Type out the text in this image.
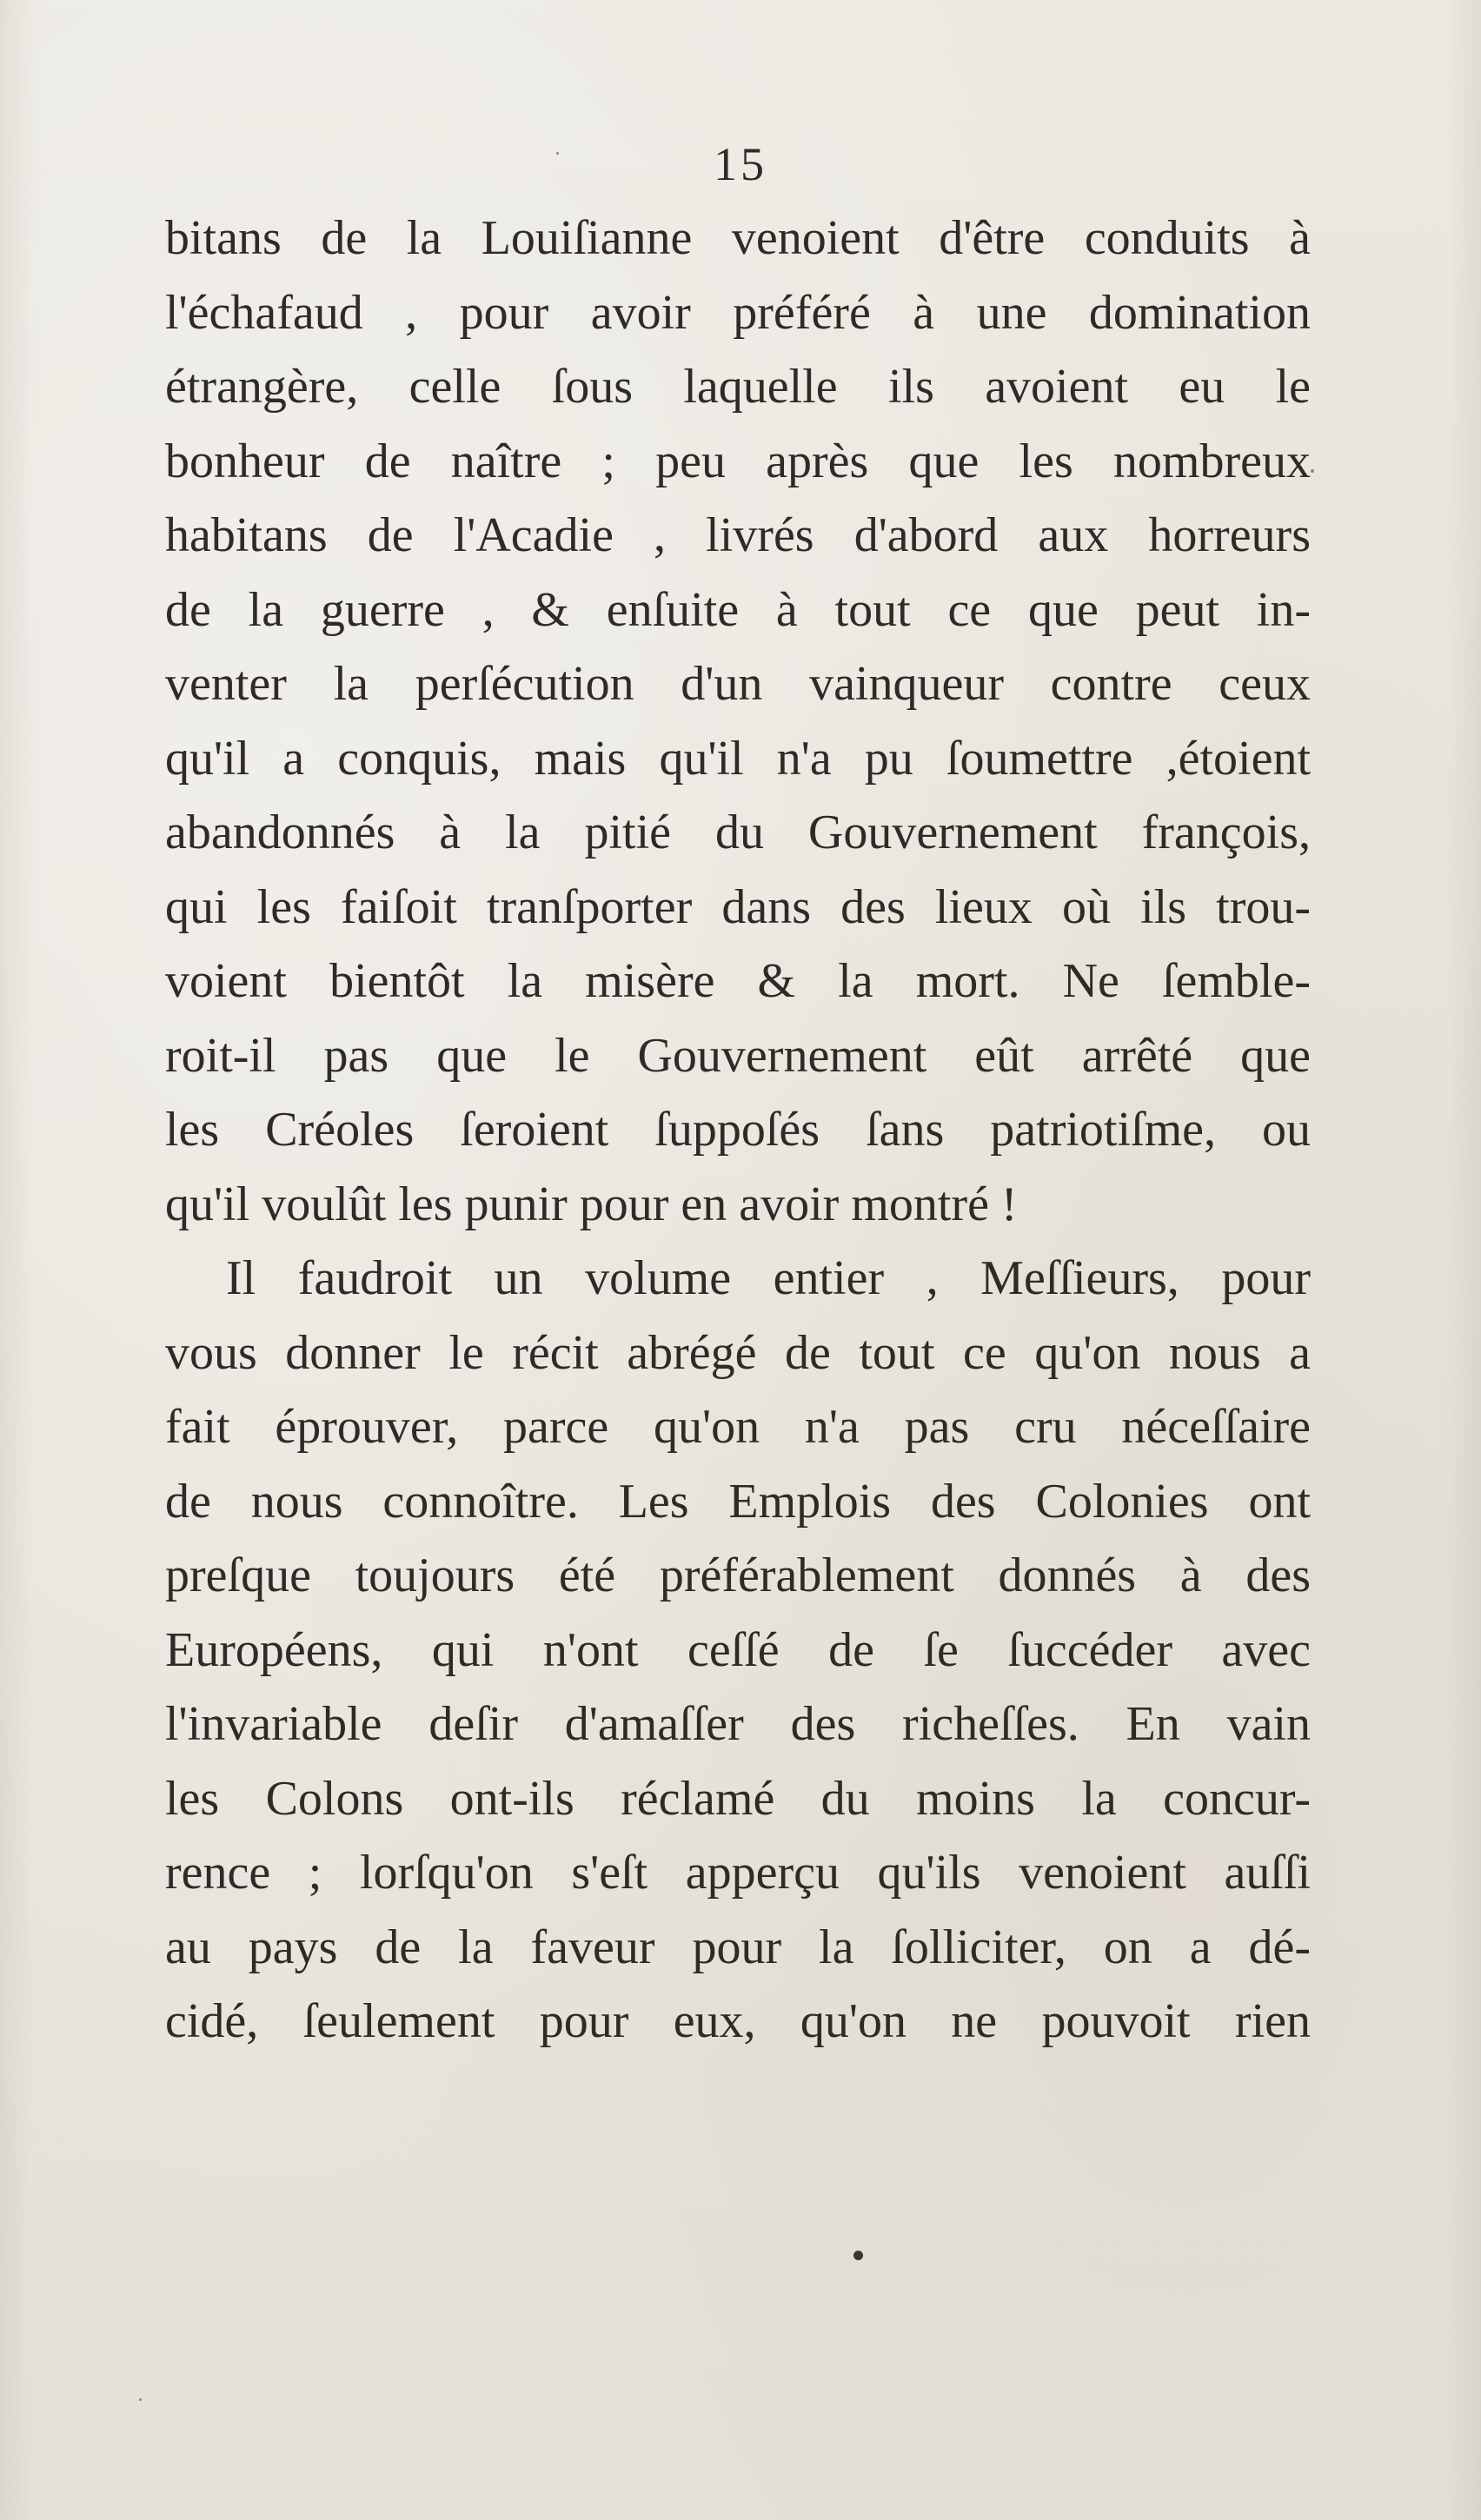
15
bitans de la Louiſianne venoient d'être conduits à
l'échafaud , pour avoir préféré à une domination
étrangère, celle ſous laquelle ils avoient eu le
bonheur de naître ; peu après que les nombreux
habitans de l'Acadie , livrés d'abord aux horreurs
de la guerre , & enſuite à tout ce que peut in-
venter la perſécution d'un vainqueur contre ceux
qu'il a conquis, mais qu'il n'a pu ſoumettre ,étoient
abandonnés à la pitié du Gouvernement françois,
qui les faiſoit tranſporter dans des lieux où ils trou-
voient bientôt la misère & la mort. Ne ſemble-
roit-il pas que le Gouvernement eût arrêté que
les Créoles ſeroient ſuppoſés ſans patriotiſme, ou
qu'il voulût les punir pour en avoir montré !
Il faudroit un volume entier , Meſſieurs, pour
vous donner le récit abrégé de tout ce qu'on nous a
fait éprouver, parce qu'on n'a pas cru néceſſaire
de nous connoître. Les Emplois des Colonies ont
preſque toujours été préférablement donnés à des
Européens, qui n'ont ceſſé de ſe ſuccéder avec
l'invariable deſir d'amaſſer des richeſſes. En vain
les Colons ont-ils réclamé du moins la concur-
rence ; lorſqu'on s'eſt apperçu qu'ils venoient auſſi
au pays de la faveur pour la ſolliciter, on a dé-
cidé, ſeulement pour eux, qu'on ne pouvoit rien
